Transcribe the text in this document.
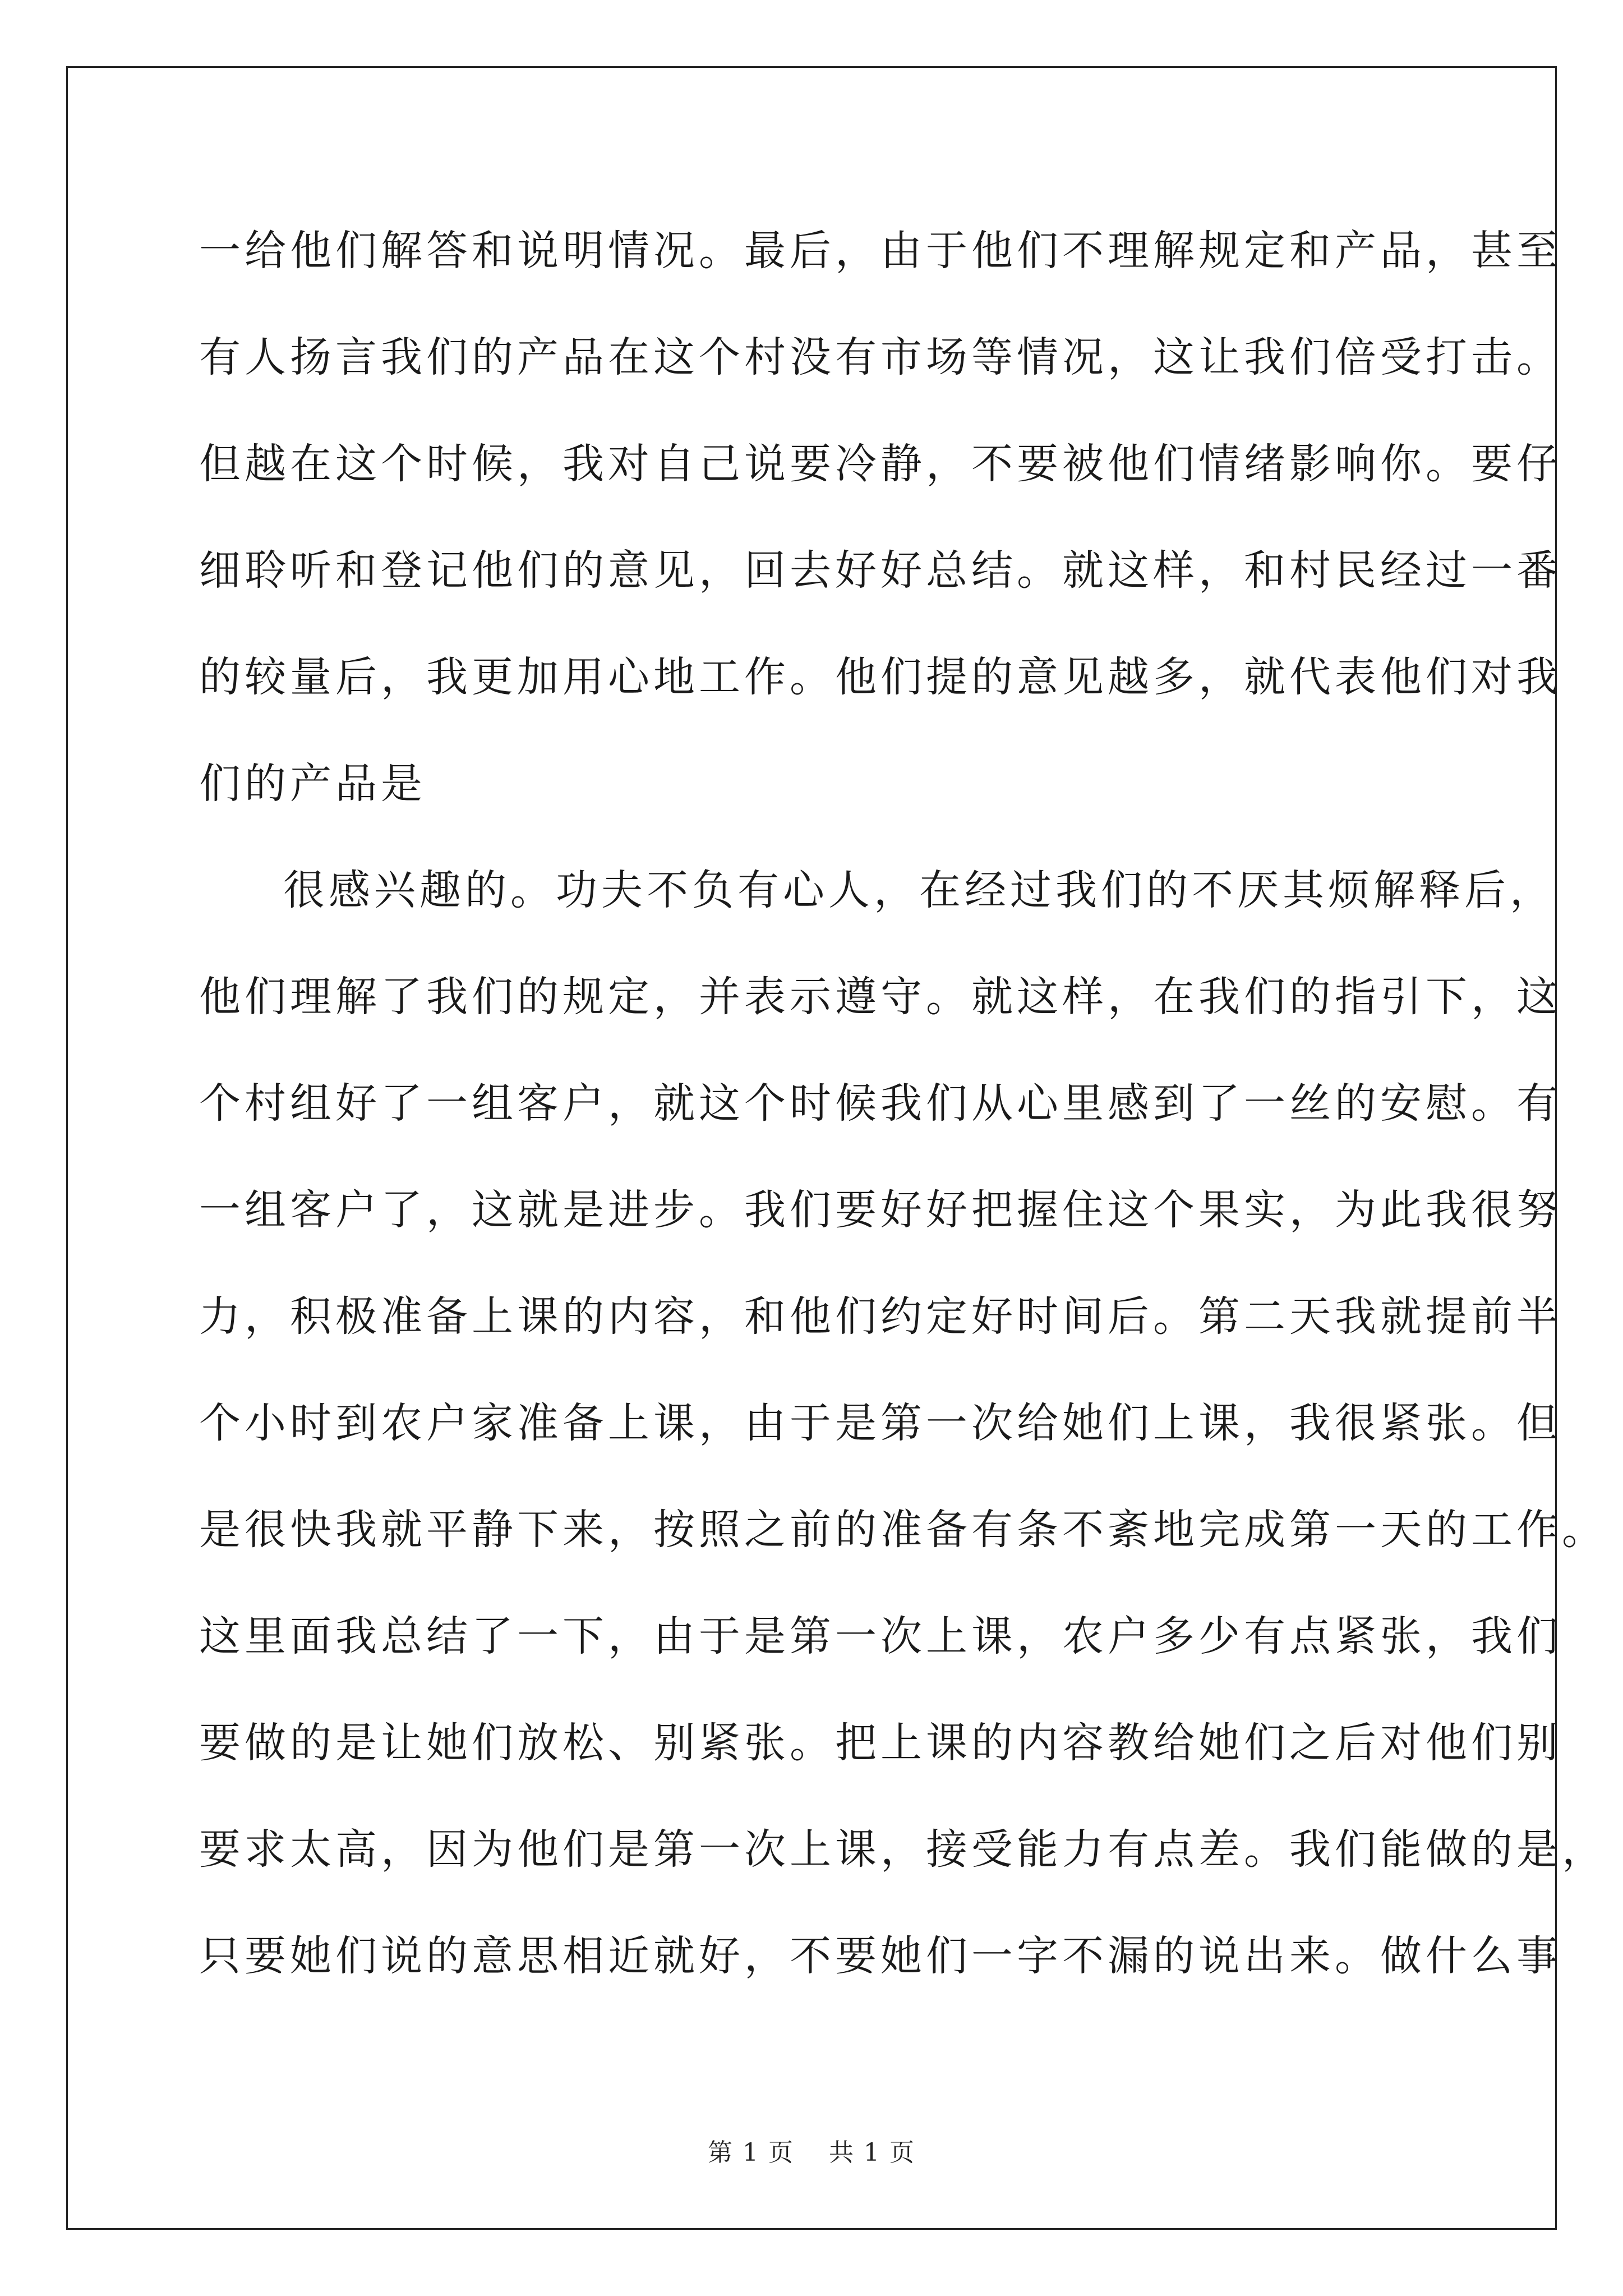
一给他们解答和说明情况。最后，由于他们不理解规定和产品，甚至
有人扬言我们的产品在这个村没有市场等情况，这让我们倍受打击。
但越在这个时候，我对自己说要冷静，不要被他们情绪影响你。要仔
细聆听和登记他们的意见，回去好好总结。就这样，和村民经过一番
的较量后，我更加用心地工作。他们提的意见越多，就代表他们对我
们的产品是
很感兴趣的。功夫不负有心人，在经过我们的不厌其烦解释后，
他们理解了我们的规定，并表示遵守。就这样，在我们的指引下，这
个村组好了一组客户，就这个时候我们从心里感到了一丝的安慰。有
一组客户了，这就是进步。我们要好好把握住这个果实，为此我很努
力，积极准备上课的内容，和他们约定好时间后。第二天我就提前半
个小时到农户家准备上课，由于是第一次给她们上课，我很紧张。但
是很快我就平静下来，按照之前的准备有条不紊地完成第一天的工作。
这里面我总结了一下，由于是第一次上课，农户多少有点紧张，我们
要做的是让她们放松、别紧张。把上课的内容教给她们之后对他们别
要求太高，因为他们是第一次上课，接受能力有点差。我们能做的是，
只要她们说的意思相近就好，不要她们一字不漏的说出来。做什么事
第 1 页 共 1 页
